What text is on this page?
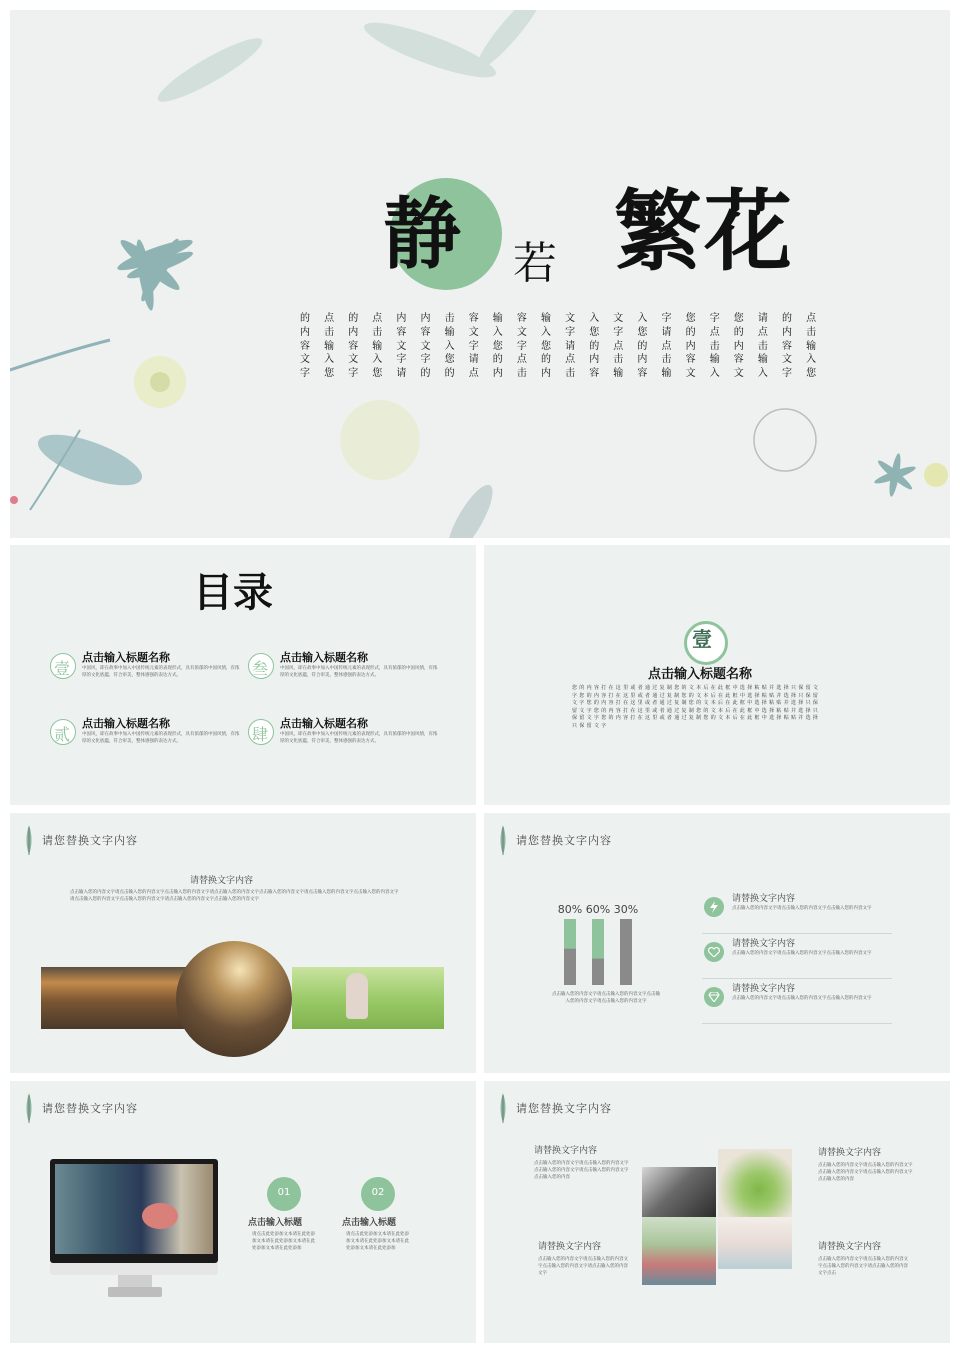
静 若 繁花
的点的点内内击容输容输文入文入字您字您请的点
内击内击容容输文入文入字您字您请的点的点内击
容输容输文文入字您字您请的点的点内击内击容输
文入文入字字您请的点的点内击内击容输容输文入
字您字您请的的点内击内击容输容输文入文入字您
目录
壹
点击输入标题名称
中国风，即在故事中加入中国传统元素的表现形式，具有浓郁的中国风情，有浓厚的文化底蕴，符合审美，整体感强的表达方式。	叁
点击输入标题名称
中国风，即在故事中加入中国传统元素的表现形式，具有浓郁的中国风情，有浓厚的文化底蕴，符合审美，整体感强的表达方式。
贰
点击输入标题名称
中国风，即在故事中加入中国传统元素的表现形式，具有浓郁的中国风情，有浓厚的文化底蕴，符合审美，整体感强的表达方式。	肆
点击输入标题名称
中国风，即在故事中加入中国传统元素的表现形式，具有浓郁的中国风情，有浓厚的文化底蕴，符合审美，整体感强的表达方式。
壹
点击输入标题名称
您的内容打在这里或者通过复制您的文本后在此框中选择粘贴并选择只保留文字您的内容打在这里或者通过复制您的文本后在此框中选择粘贴并选择只保留文字您的内容打在这里或者通过复制您的文本后在此框中选择粘贴并选择只保留文字您的内容打在这里或者通过复制您的文本后在此框中选择粘贴并选择只保留文字您的内容打在这里或者通过复制您的文本后在此框中选择粘贴并选择只保留文字
请您替换文字内容
请替换文字内容
点击输入您的内容文字请点击输入您的内容文字点击输入您的内容文字请点击输入您的内容文字点击输入您的内容文字请点击输入您的内容文字点击输入您的内容文字请点击输入您的内容文字点击输入您的内容文字请点击输入您的内容文字点击输入您的内容文字
请您替换文字内容
80% 60% 30%
点击输入您的内容文字请点击输入您的内容文字点击输入您的内容文字请点击输入您的内容文字
请替换文字内容
点击输入您的内容文字请点击输入您的内容文字点击输入您的内容文字
请替换文字内容
点击输入您的内容文字请点击输入您的内容文字点击输入您的内容文字
请替换文字内容
点击输入您的内容文字请点击输入您的内容文字点击输入您的内容文字
请您替换文字内容
01
点击输入标题
请点击此处添加文本请在此处添加文本请在此处添加文本请在此处添加文本请在此处添加
02
点击输入标题
请点击此处添加文本请在此处添加文本请在此处添加文本请在此处添加文本请在此处添加
请您替换文字内容
请替换文字内容
点击输入您的内容文字请点击输入您的内容文字点击输入您的内容文字请点击输入您的内容文字点击输入您的内容
请替换文字内容
点击输入您的内容文字请点击输入您的内容文字点击输入您的内容文字请点击输入您的内容文字
请替换文字内容
点击输入您的内容文字请点击输入您的内容文字点击输入您的内容文字请点击输入您的内容文字点击输入您的内容
请替换文字内容
点击输入您的内容文字请点击输入您的内容文字点击输入您的内容文字请点击输入您的内容文字点击
